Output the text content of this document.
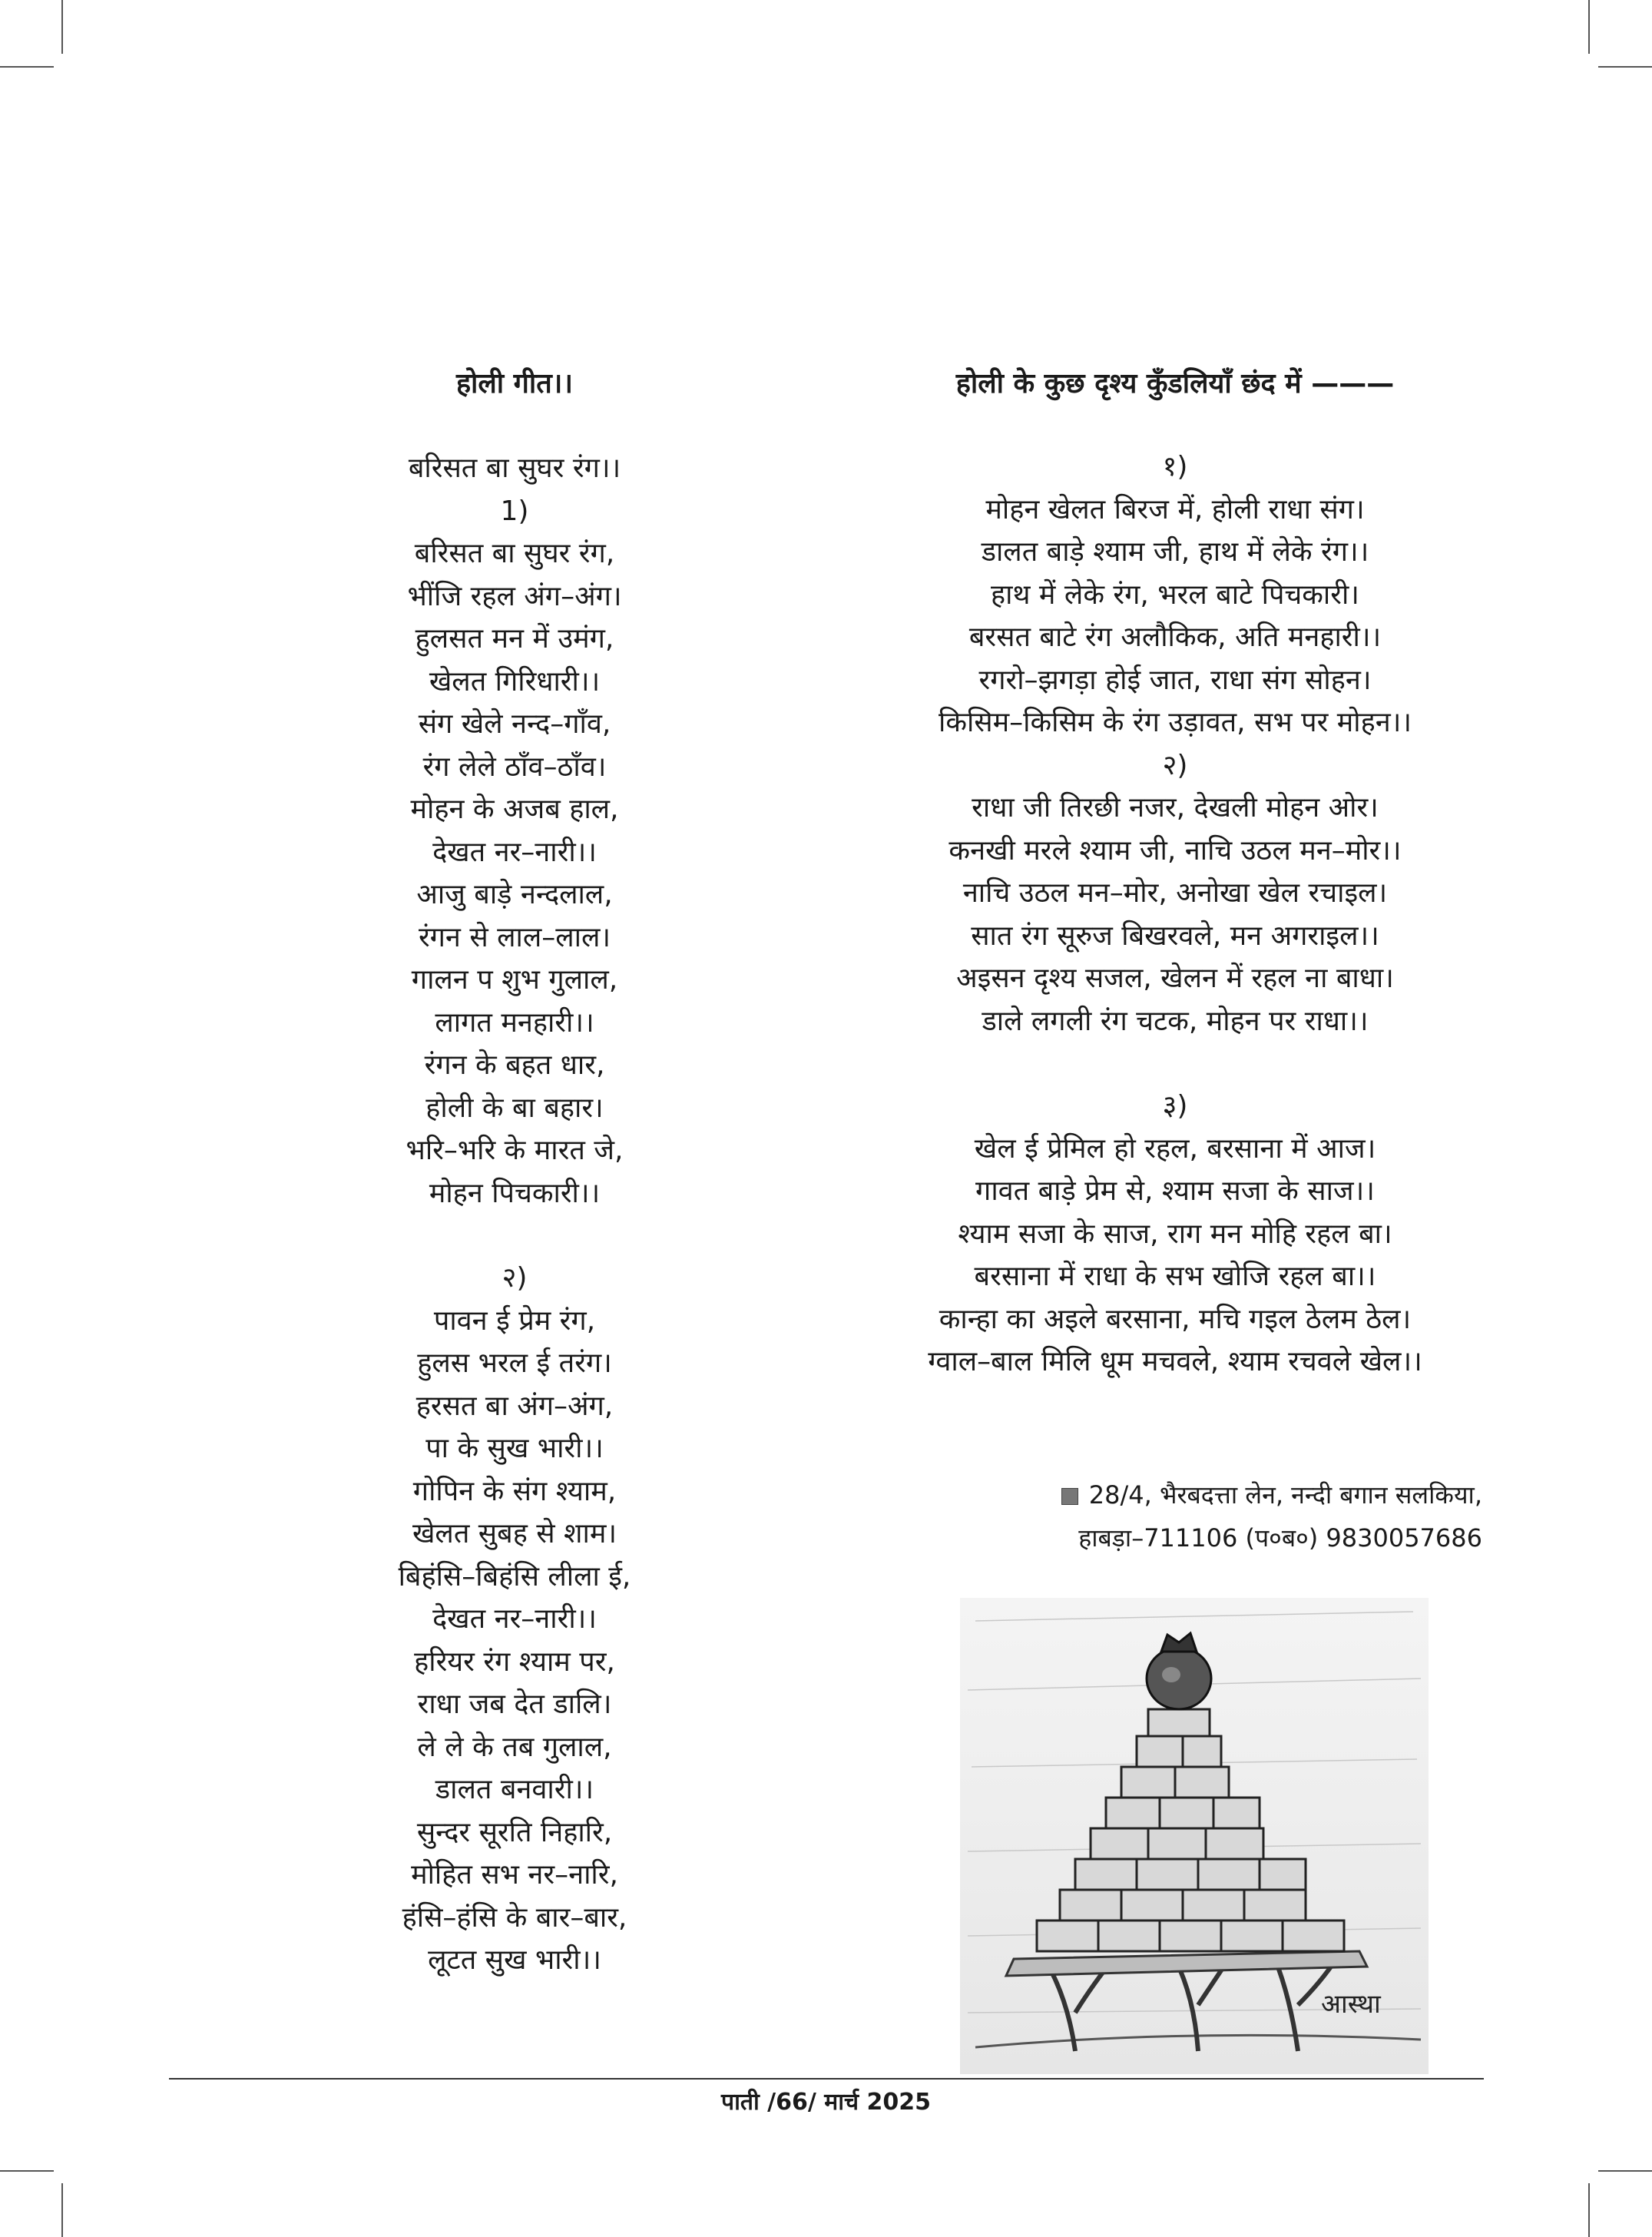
होली गीत।।
बरिसत बा सुघर रंग।।
1)
बरिसत बा सुघर रंग,
भींजि रहल अंग–अंग।
हुलसत मन में उमंग,
खेलत गिरिधारी।।
संग खेले नन्द–गाँव,
रंग लेले ठाँव–ठाँव।
मोहन के अजब हाल,
देखत नर–नारी।।
आजु बाड़े नन्दलाल,
रंगन से लाल–लाल।
गालन प शुभ गुलाल,
लागत मनहारी।।
रंगन के बहत धार,
होली के बा बहार।
भरि–भरि के मारत जे,
मोहन पिचकारी।।
२)
पावन ई प्रेम रंग,
हुलस भरल ई तरंग।
हरसत बा अंग–अंग,
पा के सुख भारी।।
गोपिन के संग श्याम,
खेलत सुबह से शाम।
बिहंसि–बिहंसि लीला ई,
देखत नर–नारी।।
हरियर रंग श्याम पर,
राधा जब देत डालि।
ले ले के तब गुलाल,
डालत बनवारी।।
सुन्दर सूरति निहारि,
मोहित सभ नर–नारि,
हंसि–हंसि के बार–बार,
लूटत सुख भारी।।
होली के कुछ दृश्य कुँडलियाँ छंद में ———
१)
मोहन खेलत बिरज में, होली राधा संग।
डालत बाड़े श्याम जी, हाथ में लेके रंग।।
हाथ में लेके रंग, भरल बाटे पिचकारी।
बरसत बाटे रंग अलौकिक, अति मनहारी।।
रगरो–झगड़ा होई जात, राधा संग सोहन।
किसिम–किसिम के रंग उड़ावत, सभ पर मोहन।।
२)
राधा जी तिरछी नजर, देखली मोहन ओर।
कनखी मरले श्याम जी, नाचि उठल मन–मोर।।
नाचि उठल मन–मोर, अनोखा खेल रचाइल।
सात रंग सूरुज बिखरवले, मन अगराइल।।
अइसन दृश्य सजल, खेलन में रहल ना बाधा।
डाले लगली रंग चटक, मोहन पर राधा।।
३)
खेल ई प्रेमिल हो रहल, बरसाना में आज।
गावत बाड़े प्रेम से, श्याम सजा के साज।।
श्याम सजा के साज, राग मन मोहि रहल बा।
बरसाना में राधा के सभ खोजि रहल बा।।
कान्हा का अइले बरसाना, मचि गइल ठेलम ठेल।
ग्वाल–बाल मिलि धूम मचवले, श्याम रचवले खेल।।
28/4, भैरबदत्ता लेन, नन्दी बगान सलकिया,
हाबड़ा–711106 (प०ब०) 9830057686
आस्था
पाती /66/ मार्च 2025
